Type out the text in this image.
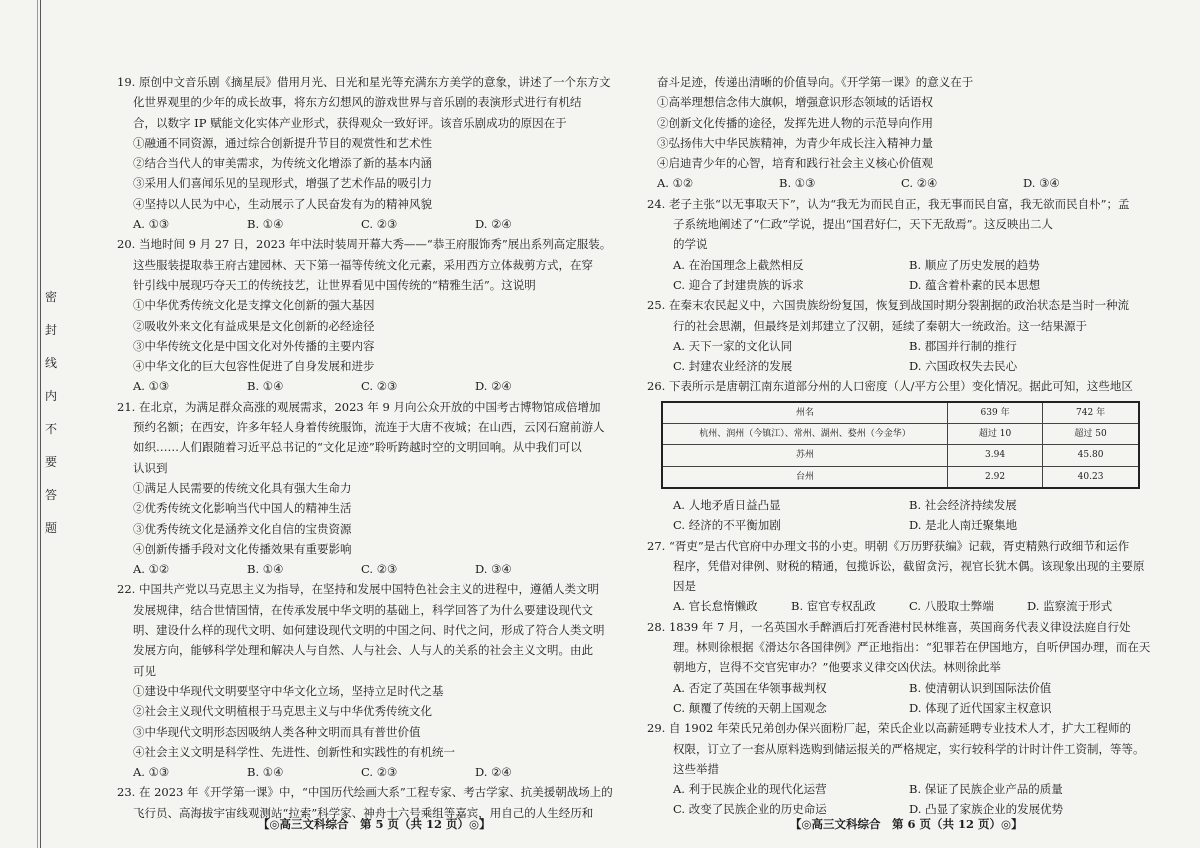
密
封
线
内
不
要
答
题
19. 原创中文音乐剧《摘星辰》借用月光、日光和星光等充满东方美学的意象，讲述了一个东方文
化世界观里的少年的成长故事，将东方幻想风的游戏世界与音乐剧的表演形式进行有机结
合，以数字 IP 赋能文化实体产业形式，获得观众一致好评。该音乐剧成功的原因在于
①融通不同资源，通过综合创新提升节目的观赏性和艺术性
②结合当代人的审美需求，为传统文化增添了新的基本内涵
③采用人们喜闻乐见的呈现形式，增强了艺术作品的吸引力
④坚持以人民为中心，生动展示了人民奋发有为的精神风貌
A. ①③	B. ①④	C. ②③	D. ②④
20. 当地时间 9 月 27 日，2023 年中法时装周开幕大秀——“恭王府服饰秀”展出系列高定服装。
这些服装提取恭王府古建园林、天下第一福等传统文化元素，采用西方立体裁剪方式，在穿
针引线中展现巧夺天工的传统技艺，让世界看见中国传统的“精雅生活”。这说明
①中华优秀传统文化是支撑文化创新的强大基因
②吸收外来文化有益成果是文化创新的必经途径
③中华传统文化是中国文化对外传播的主要内容
④中华文化的巨大包容性促进了自身发展和进步
A. ①③	B. ①④	C. ②③	D. ②④
21. 在北京，为满足群众高涨的观展需求，2023 年 9 月向公众开放的中国考古博物馆成倍增加
预约名额；在西安，许多年轻人身着传统服饰，流连于大唐不夜城；在山西，云冈石窟前游人
如织……人们跟随着习近平总书记的“文化足迹”聆听跨越时空的文明回响。从中我们可以
认识到
①满足人民需要的传统文化具有强大生命力
②优秀传统文化影响当代中国人的精神生活
③优秀传统文化是涵养文化自信的宝贵资源
④创新传播手段对文化传播效果有重要影响
A. ①②	B. ①④	C. ②③	D. ③④
22. 中国共产党以马克思主义为指导，在坚持和发展中国特色社会主义的进程中，遵循人类文明
发展规律，结合世情国情，在传承发展中华文明的基础上，科学回答了为什么要建设现代文
明、建设什么样的现代文明、如何建设现代文明的中国之问、时代之问，形成了符合人类文明
发展方向，能够科学处理和解决人与自然、人与社会、人与人的关系的社会主义文明。由此
可见
①建设中华现代文明要坚守中华文化立场，坚持立足时代之基
②社会主义现代文明植根于马克思主义与中华优秀传统文化
③中华现代文明形态因吸纳人类各种文明而具有普世价值
④社会主义文明是科学性、先进性、创新性和实践性的有机统一
A. ①③	B. ①④	C. ②③	D. ②④
23. 在 2023 年《开学第一课》中，“中国历代绘画大系”工程专家、考古学家、抗美援朝战场上的
飞行员、高海拔宇宙线观测站“拉索”科学家、神舟十六号乘组等嘉宾，用自己的人生经历和
奋斗足迹，传递出清晰的价值导向。《开学第一课》的意义在于
①高举理想信念伟大旗帜，增强意识形态领域的话语权
②创新文化传播的途径，发挥先进人物的示范导向作用
③弘扬伟大中华民族精神，为青少年成长注入精神力量
④启迪青少年的心智，培育和践行社会主义核心价值观
A. ①②	B. ①③	C. ②④	D. ③④
24. 老子主张“以无事取天下”，认为“我无为而民自正，我无事而民自富，我无欲而民自朴”；孟
子系统地阐述了“仁政”学说，提出“国君好仁，天下无敌焉”。这反映出二人
的学说
A. 在治国理念上截然相反	B. 顺应了历史发展的趋势
C. 迎合了封建贵族的诉求	D. 蕴含着朴素的民本思想
25. 在秦末农民起义中，六国贵族纷纷复国，恢复到战国时期分裂割据的政治状态是当时一种流
行的社会思潮，但最终是刘邦建立了汉朝，延续了秦朝大一统政治。这一结果源于
A. 天下一家的文化认同	B. 郡国并行制的推行
C. 封建农业经济的发展	D. 六国政权失去民心
26. 下表所示是唐朝江南东道部分州的人口密度（人/平方公里）变化情况。据此可知，这些地区
州名	639 年	742 年
杭州、润州（今镇江）、常州、湖州、婺州（今金华）	超过 10	超过 50
苏州	3.94	45.80
台州	2.92	40.23
A. 人地矛盾日益凸显	B. 社会经济持续发展
C. 经济的不平衡加剧	D. 是北人南迁聚集地
27. “胥吏”是古代官府中办理文书的小吏。明朝《万历野获编》记载，胥吏精熟行政细节和运作
程序，凭借对律例、财税的精通，包揽诉讼，截留贪污，视官长犹木偶。该现象出现的主要原
因是
A. 官长怠惰懒政	B. 宦官专权乱政	C. 八股取士弊端	D. 监察流于形式
28. 1839 年 7 月，一名英国水手醉酒后打死香港村民林维喜，英国商务代表义律设法庭自行处
理。林则徐根据《滑达尔各国律例》严正地指出：“犯罪若在伊国地方，自听伊国办理，而在天
朝地方，岂得不交官宪审办？”他要求义律交凶伏法。林则徐此举
A. 否定了英国在华领事裁判权	B. 使清朝认识到国际法价值
C. 颠覆了传统的天朝上国观念	D. 体现了近代国家主权意识
29. 自 1902 年荣氏兄弟创办保兴面粉厂起，荣氏企业以高薪延聘专业技术人才，扩大工程师的
权限，订立了一套从原料选购到储运报关的严格规定，实行较科学的计时计件工资制，等等。
这些举措
A. 利于民族企业的现代化运营	B. 保证了民族企业产品的质量
C. 改变了民族企业的历史命运	D. 凸显了家族企业的发展优势
【◎高三文科综合　第 5 页（共 12 页）◎】	【◎高三文科综合　第 6 页（共 12 页）◎】
